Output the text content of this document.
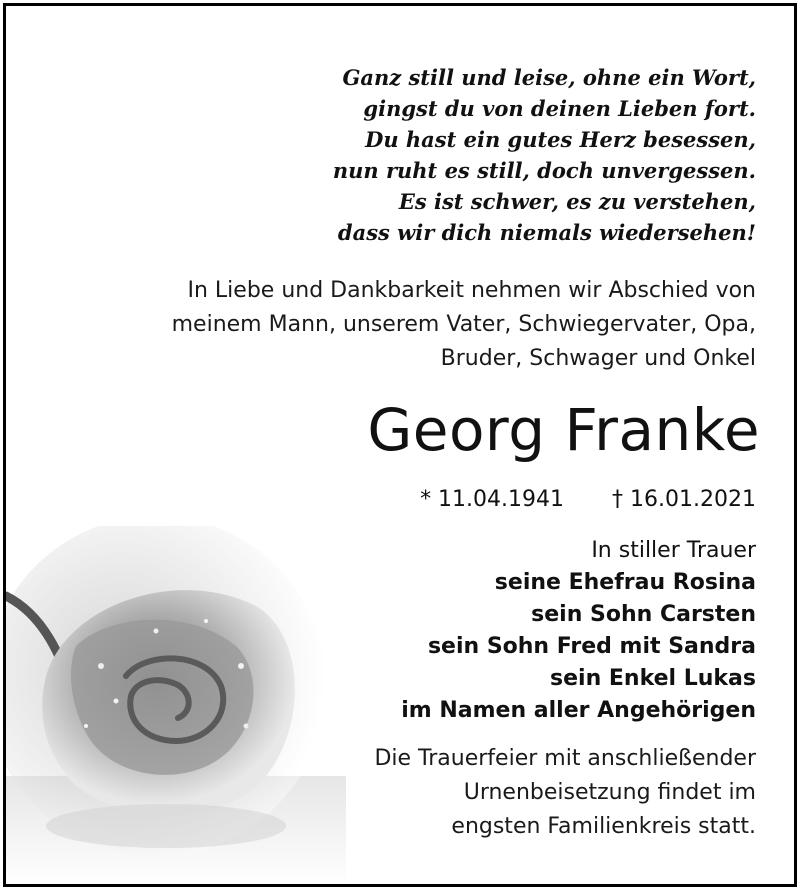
Ganz still und leise, ohne ein Wort,
gingst du von deinen Lieben fort.
Du hast ein gutes Herz besessen,
nun ruht es still, doch unvergessen.
Es ist schwer, es zu verstehen,
dass wir dich niemals wiedersehen!
In Liebe und Dankbarkeit nehmen wir Abschied von
meinem Mann, unserem Vater, Schwiegervater, Opa,
Bruder, Schwager und Onkel
Georg Franke
* 11.04.1941 † 16.01.2021
In stiller Trauer
seine Ehefrau Rosina
sein Sohn Carsten
sein Sohn Fred mit Sandra
sein Enkel Lukas
im Namen aller Angehörigen
Die Trauerfeier mit anschließender
Urnenbeisetzung findet im
engsten Familienkreis statt.
